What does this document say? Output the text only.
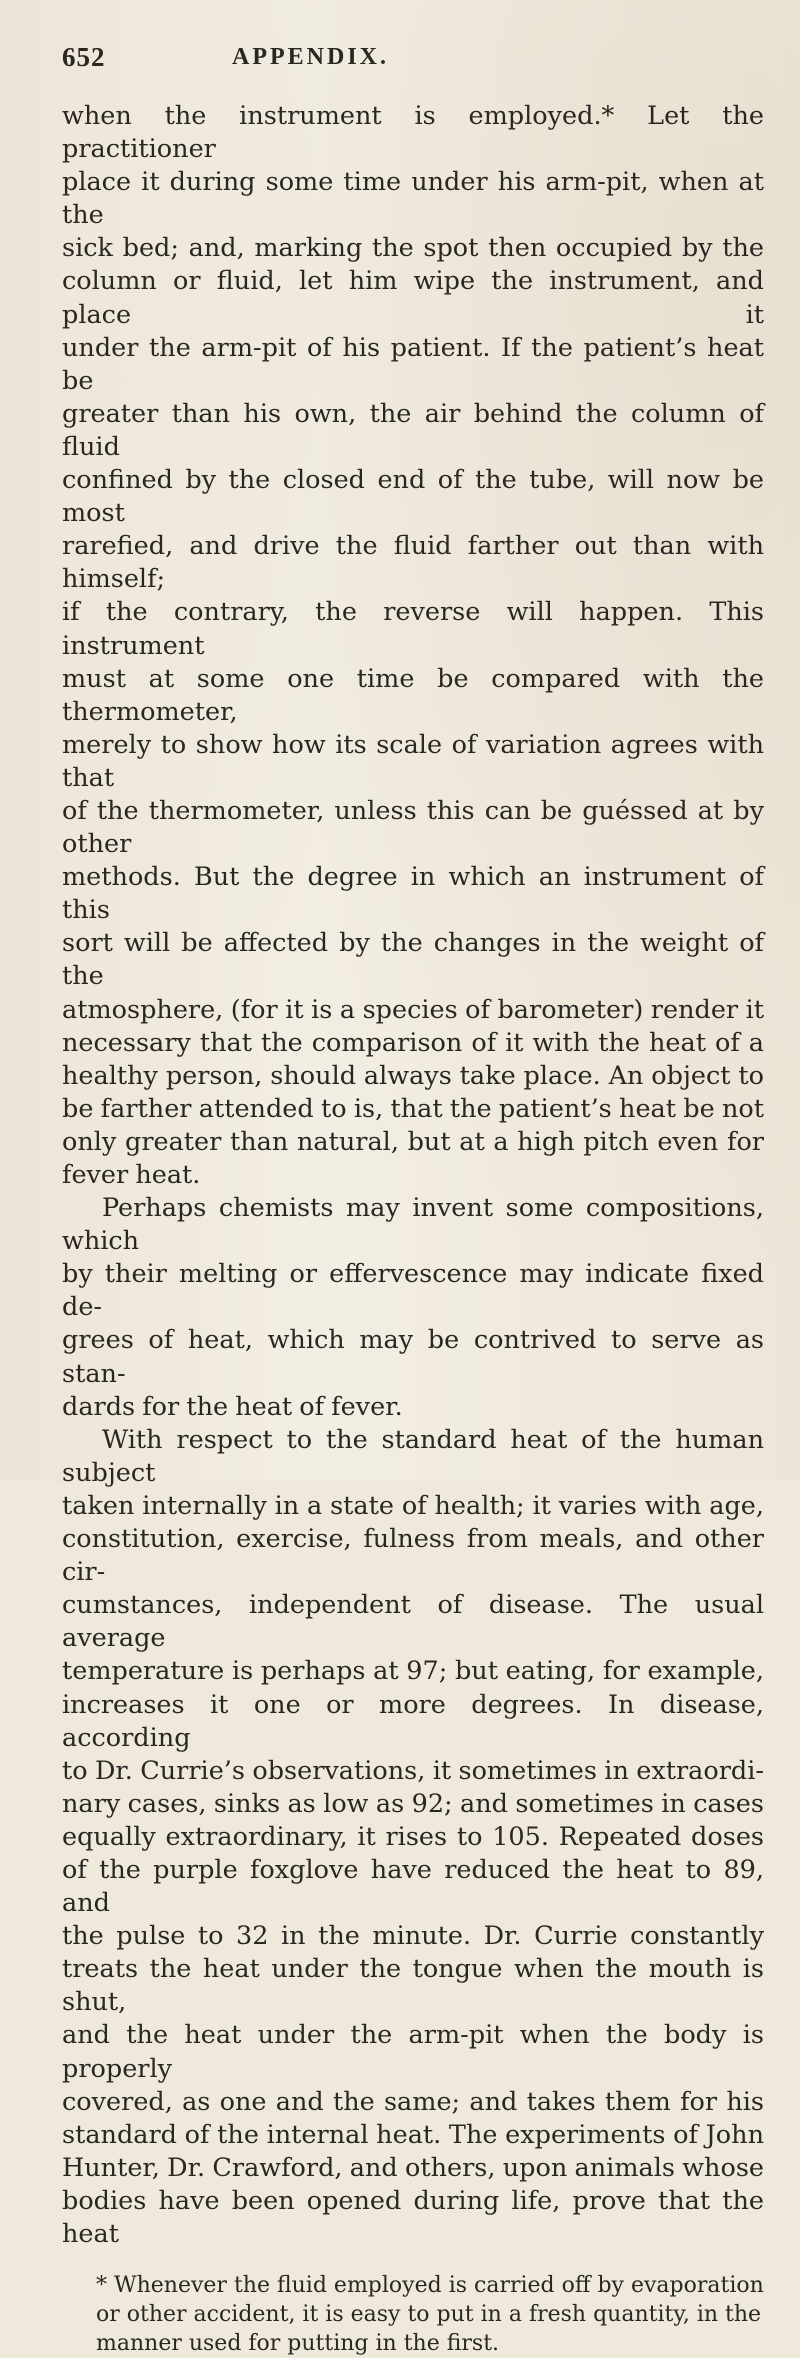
652	APPENDIX.

when the instrument is employed.* Let the practitioner

place it during some time under his arm-pit, when at the

sick bed; and, marking the spot then occupied by the

column or fluid, let him wipe the instrument, and place it

under the arm-pit of his patient. If the patient’s heat be

greater than his own, the air behind the column of fluid

confined by the closed end of the tube, will now be most

rarefied, and drive the fluid farther out than with himself;

if the contrary, the reverse will happen. This instrument

must at some one time be compared with the thermometer,

merely to show how its scale of variation agrees with that

of the thermometer, unless this can be guéssed at by other

methods. But the degree in which an instrument of this

sort will be affected by the changes in the weight of the

atmosphere, (for it is a species of barometer) render it

necessary that the comparison of it with the heat of a

healthy person, should always take place. An object to

be farther attended to is, that the patient’s heat be not

only greater than natural, but at a high pitch even for

fever heat.

Perhaps chemists may invent some compositions, which

by their melting or effervescence may indicate fixed de-

grees of heat, which may be contrived to serve as stan-

dards for the heat of fever.

With respect to the standard heat of the human subject

taken internally in a state of health; it varies with age,

constitution, exercise, fulness from meals, and other cir-

cumstances, independent of disease. The usual average

temperature is perhaps at 97; but eating, for example,

increases it one or more degrees. In disease, according

to Dr. Currie’s observations, it sometimes in extraordi-

nary cases, sinks as low as 92; and sometimes in cases

equally extraordinary, it rises to 105. Repeated doses

of the purple foxglove have reduced the heat to 89, and

the pulse to 32 in the minute. Dr. Currie constantly

treats the heat under the tongue when the mouth is shut,

and the heat under the arm-pit when the body is properly

covered, as one and the same; and takes them for his

standard of the internal heat. The experiments of John

Hunter, Dr. Crawford, and others, upon animals whose

bodies have been opened during life, prove that the heat

* Whenever the fluid employed is carried off by evaporation
or other accident, it is easy to put in a fresh quantity, in the
manner used for putting in the first.
